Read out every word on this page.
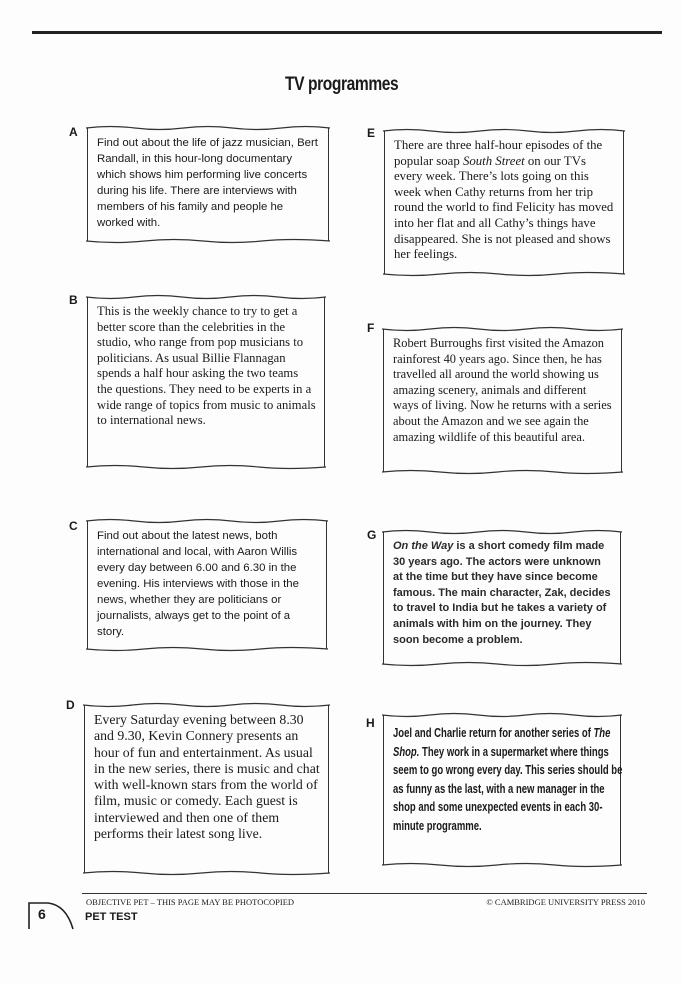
TV programmes
A
Find out about the life of jazz musician, Bert Randall, in this hour-long documentary which shows him performing live concerts during his life. There are interviews with members of his family and people he worked with.
B
This is the weekly chance to try to get a better score than the celebrities in the studio, who range from pop musicians to politicians. As usual Billie Flannagan spends a half hour asking the two teams the questions. They need to be experts in a wide range of topics from music to animals to international news.
C
Find out about the latest news, both international and local, with Aaron Willis every day between 6.00 and 6.30 in the evening. His interviews with those in the news, whether they are politicians or journalists, always get to the point of a story.
D
Every Saturday evening between 8.30 and 9.30, Kevin Connery presents an hour of fun and entertainment. As usual in the new series, there is music and chat with well-known stars from the world of film, music or comedy. Each guest is interviewed and then one of them performs their latest song live.
E
There are three half-hour episodes of the popular soap South Street on our TVs every week. There’s lots going on this week when Cathy returns from her trip round the world to find Felicity has moved into her flat and all Cathy’s things have disappeared. She is not pleased and shows her feelings.
F
Robert Burroughs first visited the Amazon rainforest 40 years ago. Since then, he has travelled all around the world showing us amazing scenery, animals and different ways of living. Now he returns with a series about the Amazon and we see again the amazing wildlife of this beautiful area.
G
On the Way is a short comedy film made 30 years ago. The actors were unknown at the time but they have since become famous. The main character, Zak, decides to travel to India but he takes a variety of animals with him on the journey. They soon become a problem.
H
Joel and Charlie return for another series of The Shop. They work in a supermarket where things seem to go wrong every day. This series should be as funny as the last, with a new manager in the shop and some unexpected events in each 30-minute programme.
OBJECTIVE PET – THIS PAGE MAY BE PHOTOCOPIED	© CAMBRIDGE UNIVERSITY PRESS 2010
6	PET TEST
